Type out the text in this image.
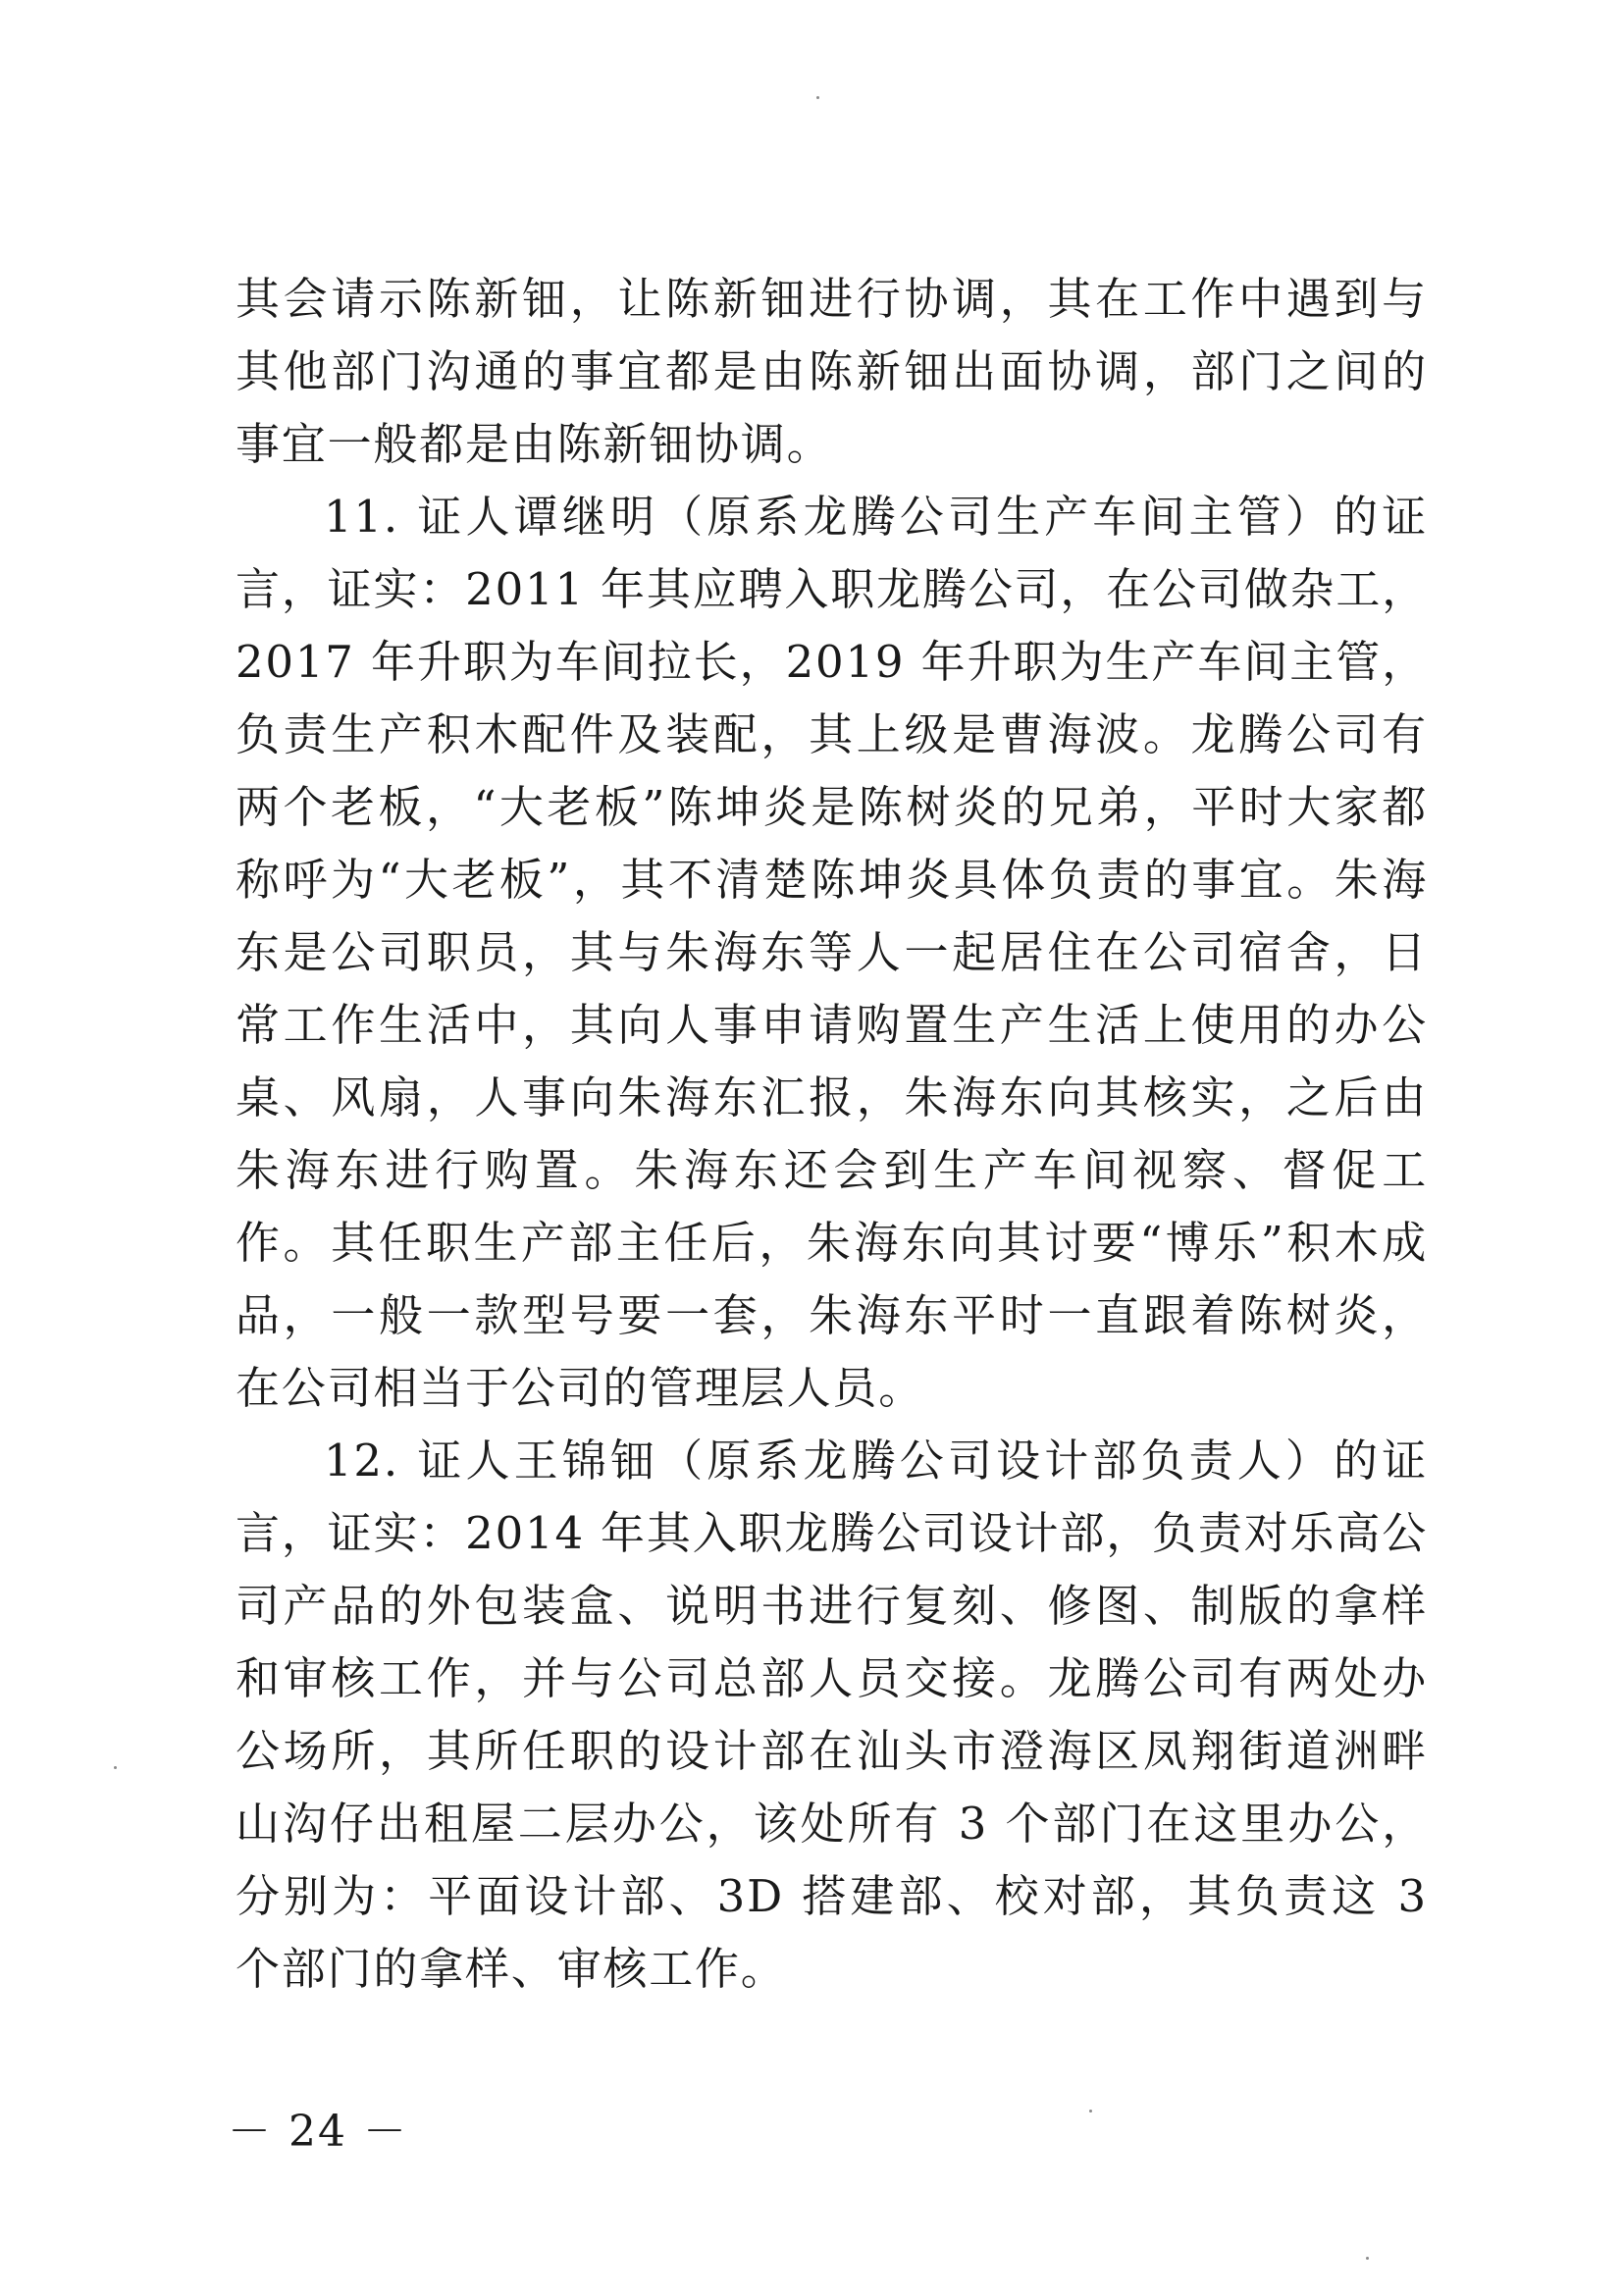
其会请示陈新钿，让陈新钿进行协调，其在工作中遇到与其他部门沟通的事宜都是由陈新钿出面协调，部门之间的事宜一般都是由陈新钿协调。

11. 证人谭继明（原系龙腾公司生产车间主管）的证言，证实：2011 年其应聘入职龙腾公司，在公司做杂工，2017 年升职为车间拉长，2019 年升职为生产车间主管，负责生产积木配件及装配，其上级是曹海波。龙腾公司有两个老板，“大老板”陈坤炎是陈树炎的兄弟，平时大家都称呼为“大老板”，其不清楚陈坤炎具体负责的事宜。朱海东是公司职员，其与朱海东等人一起居住在公司宿舍，日常工作生活中，其向人事申请购置生产生活上使用的办公桌、风扇，人事向朱海东汇报，朱海东向其核实，之后由朱海东进行购置。朱海东还会到生产车间视察、督促工作。其任职生产部主任后，朱海东向其讨要“博乐”积木成品，一般一款型号要一套，朱海东平时一直跟着陈树炎，在公司相当于公司的管理层人员。

12. 证人王锦钿（原系龙腾公司设计部负责人）的证言，证实：2014 年其入职龙腾公司设计部，负责对乐高公司产品的外包装盒、说明书进行复刻、修图、制版的拿样和审核工作，并与公司总部人员交接。龙腾公司有两处办公场所，其所任职的设计部在汕头市澄海区凤翔街道洲畔山沟仔出租屋二层办公，该处所有 3 个部门在这里办公，分别为：平面设计部、3D 搭建部、校对部，其负责这 3 个部门的拿样、审核工作。

－ 24 －
